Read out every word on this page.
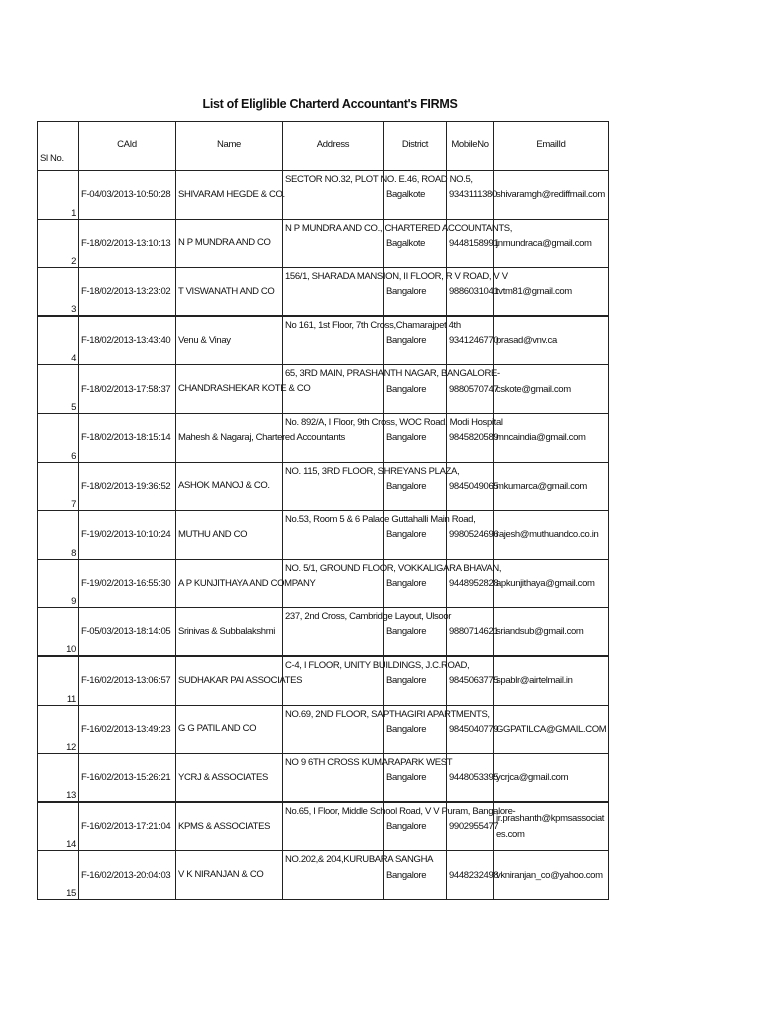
List of Eliglible Charterd Accountant's FIRMS
Sl No.	CAId	Name	Address	District	MobileNo	EmailId
1	F-04/03/2013-10:50:28	SHIVARAM HEGDE & CO.	SECTOR NO.32, PLOT NO. E.46, ROAD NO.5,	Bagalkote	9343111380	shivaramgh@rediffmail.com
2	F-18/02/2013-13:10:13	N P MUNDRA AND CO	N P MUNDRA AND CO., CHARTERED ACCOUNTANTS,	Bagalkote	9448158991	jnmundraca@gmail.com
3	F-18/02/2013-13:23:02	T VISWANATH AND CO	156/1, SHARADA MANSION, II FLOOR, R V ROAD, V V	Bangalore	9886031041	tvtm81@gmail.com
4	F-18/02/2013-13:43:40	Venu & Vinay	No 161, 1st Floor, 7th Cross,Chamarajpet 4th	Bangalore	9341246770	prasad@vnv.ca
5	F-18/02/2013-17:58:37	CHANDRASHEKAR KOTE & CO	65, 3RD MAIN, PRASHANTH NAGAR, BANGALORE-	Bangalore	9880570747	cskote@gmail.com
6	F-18/02/2013-18:15:14	Mahesh & Nagaraj, Chartered Accountants	No. 892/A, I Floor, 9th Cross, WOC Road, Modi Hospital	Bangalore	9845820589	mncaindia@gmail.com
7	F-18/02/2013-19:36:52	ASHOK MANOJ & CO.	NO. 115, 3RD FLOOR, SHREYANS PLAZA,	Bangalore	9845049065	mkumarca@gmail.com
8	F-19/02/2013-10:10:24	MUTHU AND CO	No.53, Room 5 & 6 Palace Guttahalli Main Road,	Bangalore	9980524696	rajesh@muthuandco.co.in
9	F-19/02/2013-16:55:30	A P KUNJITHAYA AND COMPANY	NO. 5/1, GROUND FLOOR, VOKKALIGARA BHAVAN,	Bangalore	9448952828	apkunjithaya@gmail.com
10	F-05/03/2013-18:14:05	Srinivas & Subbalakshmi	237, 2nd Cross, Cambridge Layout, Ulsoor	Bangalore	9880714621	sriandsub@gmail.com
11	F-16/02/2013-13:06:57	SUDHAKAR PAI ASSOCIATES	C-4, I FLOOR, UNITY BUILDINGS, J.C.ROAD,	Bangalore	9845063775	spablr@airtelmail.in
12	F-16/02/2013-13:49:23	G G PATIL AND CO	NO.69, 2ND FLOOR, SAPTHAGIRI APARTMENTS,	Bangalore	9845040779	GGPATILCA@GMAIL.COM
13	F-16/02/2013-15:26:21	YCRJ & ASSOCIATES	NO 9 6TH CROSS KUMARAPARK WEST	Bangalore	9448053395	ycrjca@gmail.com
14	F-16/02/2013-17:21:04	KPMS & ASSOCIATES	No.65, I Floor, Middle School Road, V V Puram, Bangalore-	Bangalore	9902955477	jr.prashanth@kpmsassociates.com
15	F-16/02/2013-20:04:03	V K NIRANJAN & CO	NO.202,& 204,KURUBARA SANGHA	Bangalore	9448232498	vkniranjan_co@yahoo.com
